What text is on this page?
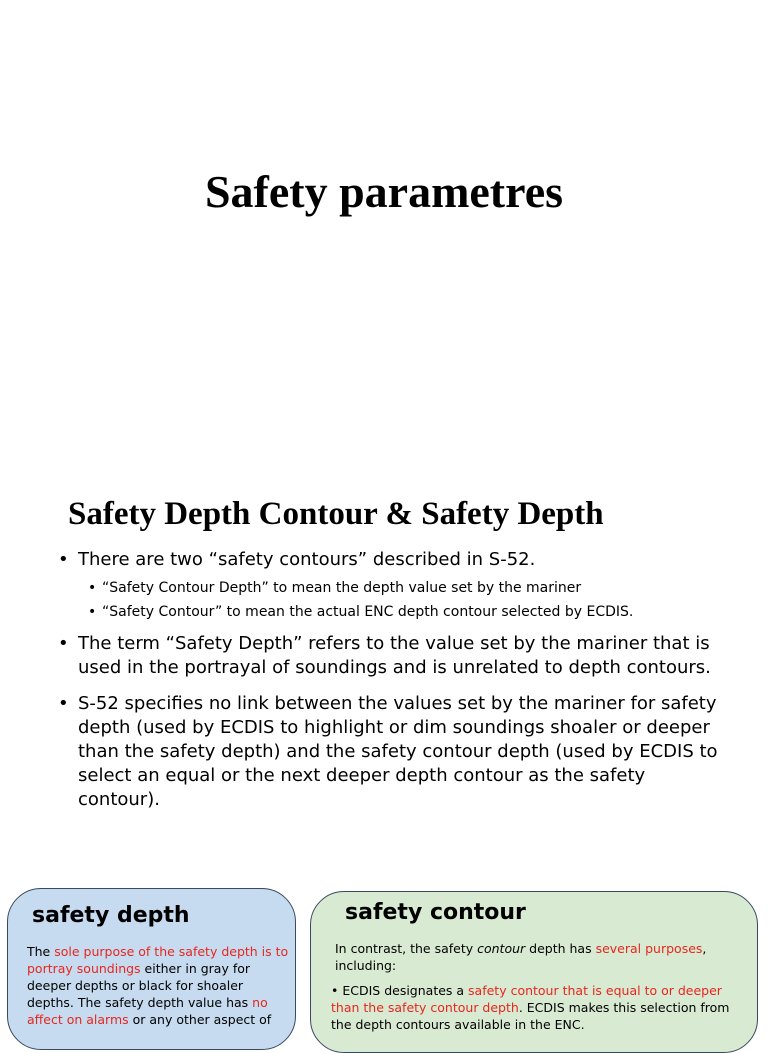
Safety parametres
Safety Depth Contour & Safety Depth
• There are two “safety contours” described in S-52.
• “Safety Contour Depth” to mean the depth value set by the mariner
• “Safety Contour” to mean the actual ENC depth contour selected by ECDIS.
• The term “Safety Depth” refers to the value set by the mariner that is used in the portrayal of soundings and is unrelated to depth contours.
• S-52 specifies no link between the values set by the mariner for safety depth (used by ECDIS to highlight or dim soundings shoaler or deeper than the safety depth) and the safety contour depth (used by ECDIS to select an equal or the next deeper depth contour as the safety contour).
safety depth
The sole purpose of the safety depth is to portray soundings either in gray for deeper depths or black for shoaler depths. The safety depth value has no affect on alarms or any other aspect of
safety contour
In contrast, the safety contour depth has several purposes, including:
• ECDIS designates a safety contour that is equal to or deeper than the safety contour depth. ECDIS makes this selection from the depth contours available in the ENC.
